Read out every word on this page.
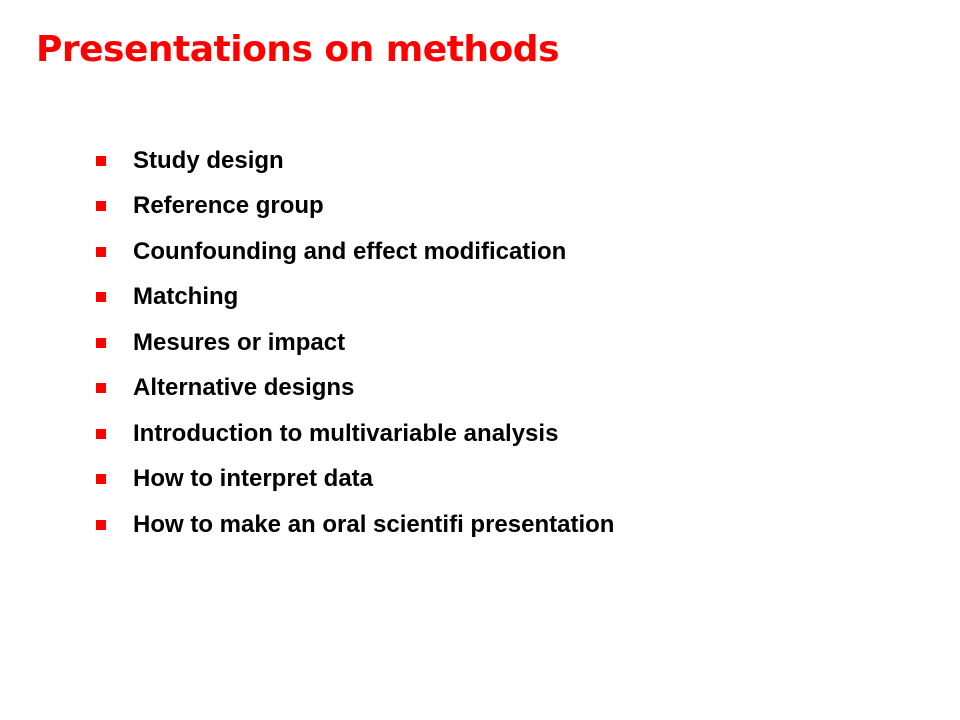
Presentations on methods
Study design
Reference group
Counfounding and effect modification
Matching
Mesures or impact
Alternative designs
Introduction to multivariable analysis
How to interpret data
How to make an oral scientifi presentation
